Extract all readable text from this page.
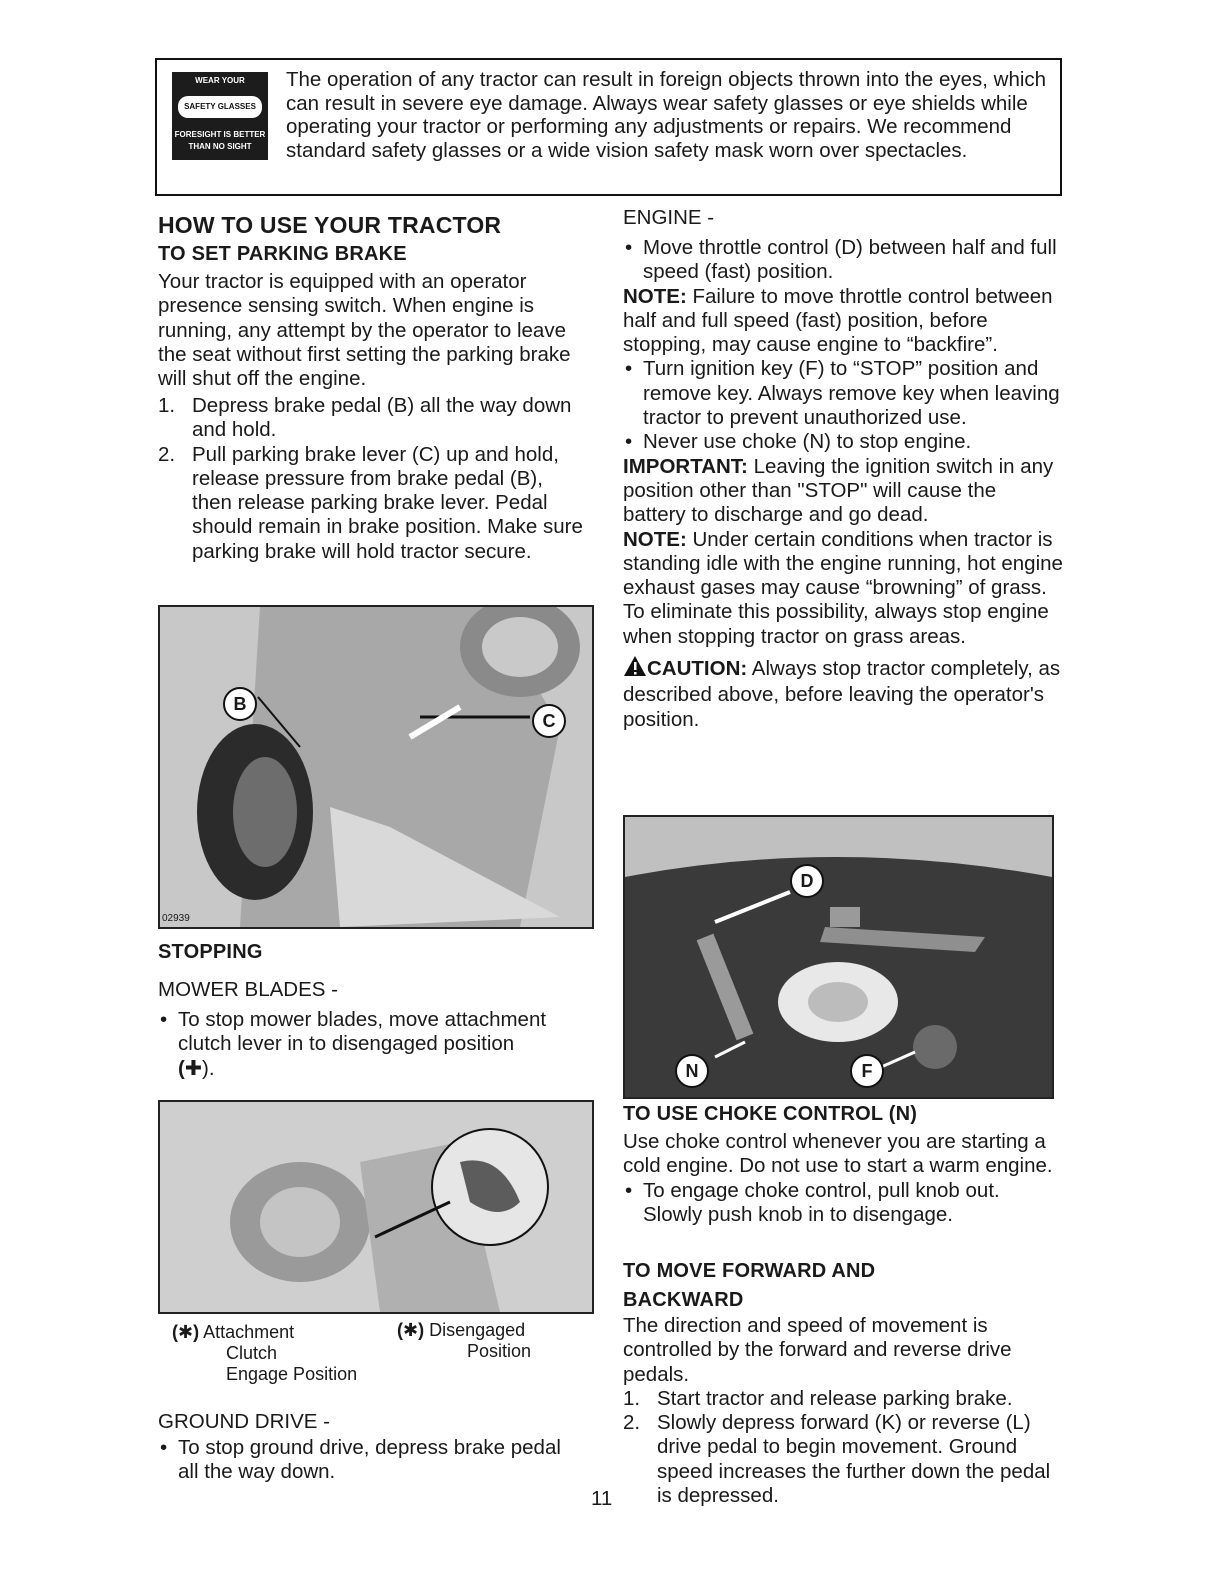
WEAR YOUR
SAFETY GLASSES
FORESIGHT IS BETTER
THAN NO SIGHT
The operation of any tractor can result in foreign objects thrown into the eyes, which can result in severe eye damage. Always wear safety glasses or eye shields while operating your tractor or performing any adjustments or repairs. We recommend standard safety glasses or a wide vision safety mask worn over spectacles.
HOW TO USE YOUR TRACTOR
TO SET PARKING BRAKE
Your tractor is equipped with an operator presence sensing switch. When engine is running, any attempt by the operator to leave the seat without first setting the parking brake will shut off the engine.
1. Depress brake pedal (B) all the way down and hold.
2. Pull parking brake lever (C) up and hold, release pressure from brake pedal (B), then release parking brake lever. Pedal should remain in brake position. Make sure parking brake will hold tractor secure.
B
C
02939
STOPPING
MOWER BLADES -
• To stop mower blades, move attachment clutch lever in to disengaged position
(✚).
(✱) Attachment
Clutch
Engage Position
(✱) Disengaged
Position
GROUND DRIVE -
• To stop ground drive, depress brake pedal all the way down.
ENGINE -
• Move throttle control (D) between half and full speed (fast) position.
NOTE: Failure to move throttle control between half and full speed (fast) position, before stopping, may cause engine to “backfire”.
• Turn ignition key (F) to “STOP” position and remove key. Always remove key when leaving tractor to prevent unauthorized use.
• Never use choke (N) to stop engine.
IMPORTANT: Leaving the ignition switch in any position other than "STOP" will cause the battery to discharge and go dead.
NOTE: Under certain conditions when tractor is standing idle with the engine running, hot engine exhaust gases may cause “browning” of grass. To eliminate this possibility, always stop engine when stopping tractor on grass areas.
CAUTION: Always stop tractor completely, as described above, before leaving the operator's position.
D
N	F
TO USE CHOKE CONTROL (N)
Use choke control whenever you are starting a cold engine. Do not use to start a warm engine.
• To engage choke control, pull knob out. Slowly push knob in to disengage.
TO MOVE FORWARD AND
BACKWARD
The direction and speed of movement is controlled by the forward and reverse drive pedals.
1. Start tractor and release parking brake.
2. Slowly depress forward (K) or reverse (L) drive pedal to begin movement. Ground speed increases the further down the pedal is depressed.
11
